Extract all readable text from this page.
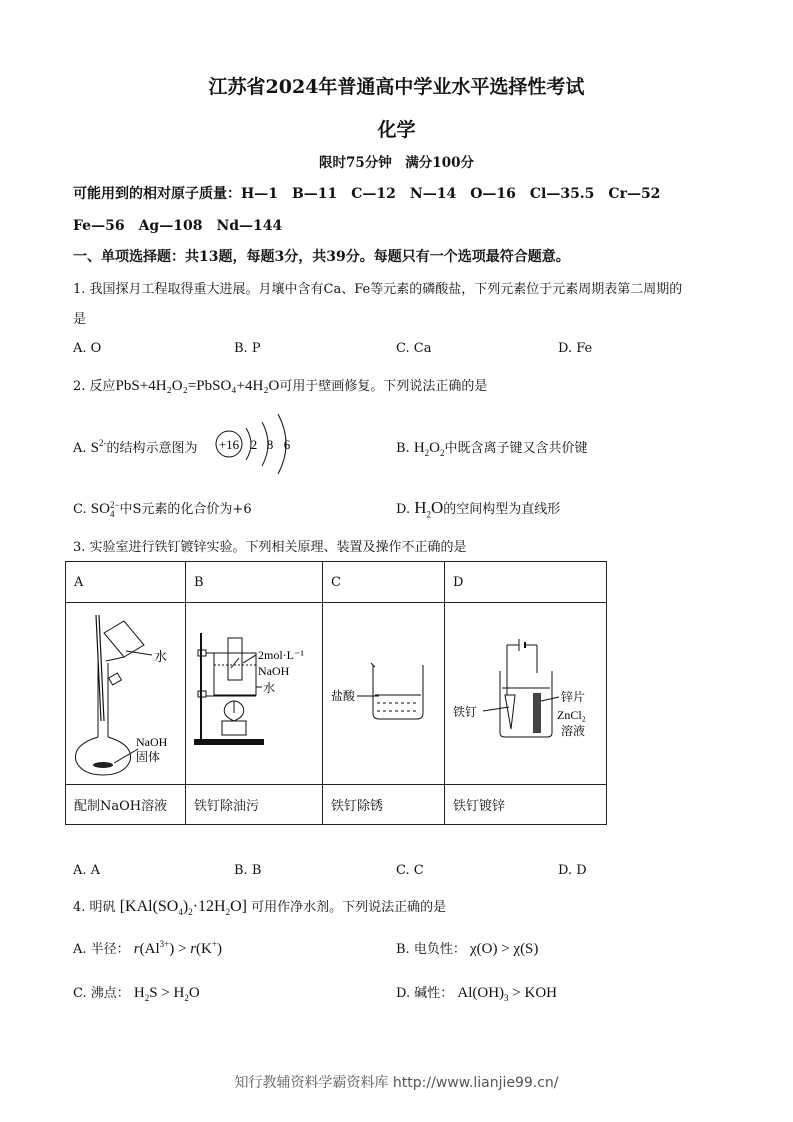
江苏省2024年普通高中学业水平选择性考试
化学
限时75分钟　满分100分
可能用到的相对原子质量：H—1　B—11　C—12　N—14　O—16　Cl—35.5　Cr—52
Fe—56　Ag—108　Nd—144
一、单项选择题：共13题，每题3分，共39分。每题只有一个选项最符合题意。
1. 我国探月工程取得重大进展。月壤中含有Ca、Fe等元素的磷酸盐，下列元素位于元素周期表第二周期的
是
A. O	B. P	C. Ca	D. Fe
2. 反应PbS+4H₂O₂=PbSO₄+4H₂O可用于壁画修复。下列说法正确的是
A. $S^{2-}$的结构示意图为 +16 2 8 6	B. $H_2O_2$中既含离子键又含共价键
C. SO 2−
4 中S元素的化合价为+6	D. $H_2O$的空间构型为直线形
3. 实验室进行铁钉镀锌实验。下列相关原理、装置及操作不正确的是
A	B	C	D

水
NaOH
固体	2mol·L⁻¹
NaOH
水	盐酸	铁钉
锌片
ZnCl₂
溶液

配制NaOH溶液	铁钉除油污	铁钉除锈	铁钉镀锌
A. A	B. B	C. C	D. D
4. 明矾 $[KAl(SO_4)_2\cdot 12H_2O]$ 可用作净水剂。下列说法正确的是
A. 半径： $r(Al^{3+}) > r(K^+)$	B. 电负性： χ(O) > χ(S)
C. 沸点： $H_2S > H_2O$	D. 碱性： $Al(OH)_3$ > KOH
知行教辅资料学霸资料库 http://www.lianjie99.cn/
